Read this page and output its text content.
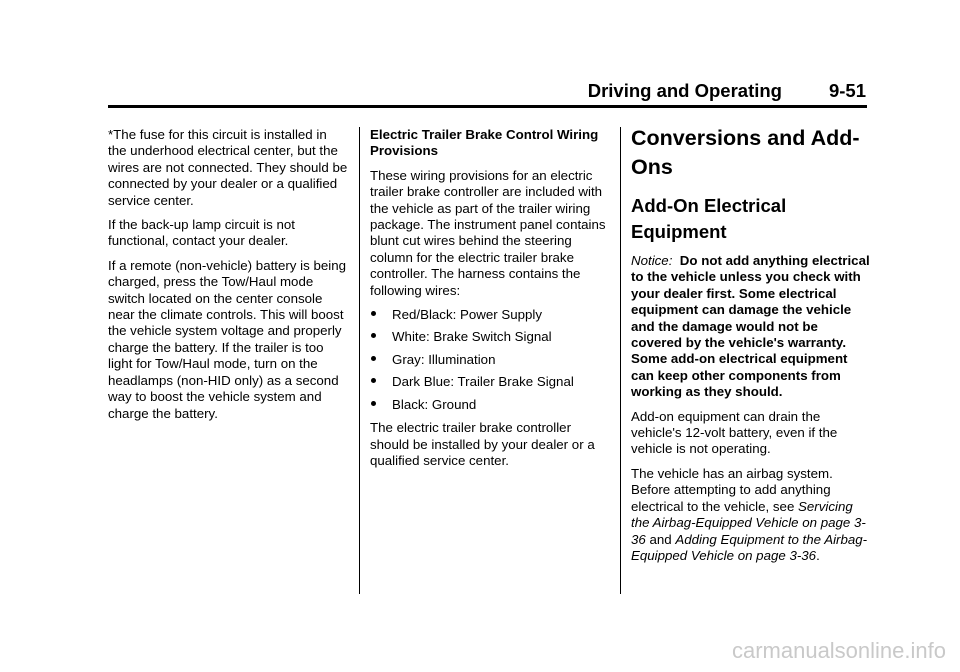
Driving and Operating	9-51

*The fuse for this circuit is installed in the underhood electrical center, but the wires are not connected. They should be connected by your dealer or a qualified service center.

If the back-up lamp circuit is not functional, contact your dealer.

If a remote (non-vehicle) battery is being charged, press the Tow/Haul mode switch located on the center console near the climate controls. This will boost the vehicle system voltage and properly charge the battery. If the trailer is too light for Tow/Haul mode, turn on the headlamps (non-HID only) as a second way to boost the vehicle system and charge the battery.

Electric Trailer Brake Control Wiring Provisions

These wiring provisions for an electric trailer brake controller are included with the vehicle as part of the trailer wiring package. The instrument panel contains blunt cut wires behind the steering column for the electric trailer brake controller. The harness contains the following wires:

Red/Black: Power Supply
White: Brake Switch Signal
Gray: Illumination
Dark Blue: Trailer Brake Signal
Black: Ground

The electric trailer brake controller should be installed by your dealer or a qualified service center.

Conversions and Add-Ons
Add-On Electrical Equipment

Notice: Do not add anything electrical to the vehicle unless you check with your dealer first. Some electrical equipment can damage the vehicle and the damage would not be covered by the vehicle's warranty. Some add-on electrical equipment can keep other components from working as they should.

Add-on equipment can drain the vehicle's 12-volt battery, even if the vehicle is not operating.

The vehicle has an airbag system. Before attempting to add anything electrical to the vehicle, see Servicing the Airbag-Equipped Vehicle on page 3-36 and Adding Equipment to the Airbag-Equipped Vehicle on page 3-36.

carmanualsonline.info
